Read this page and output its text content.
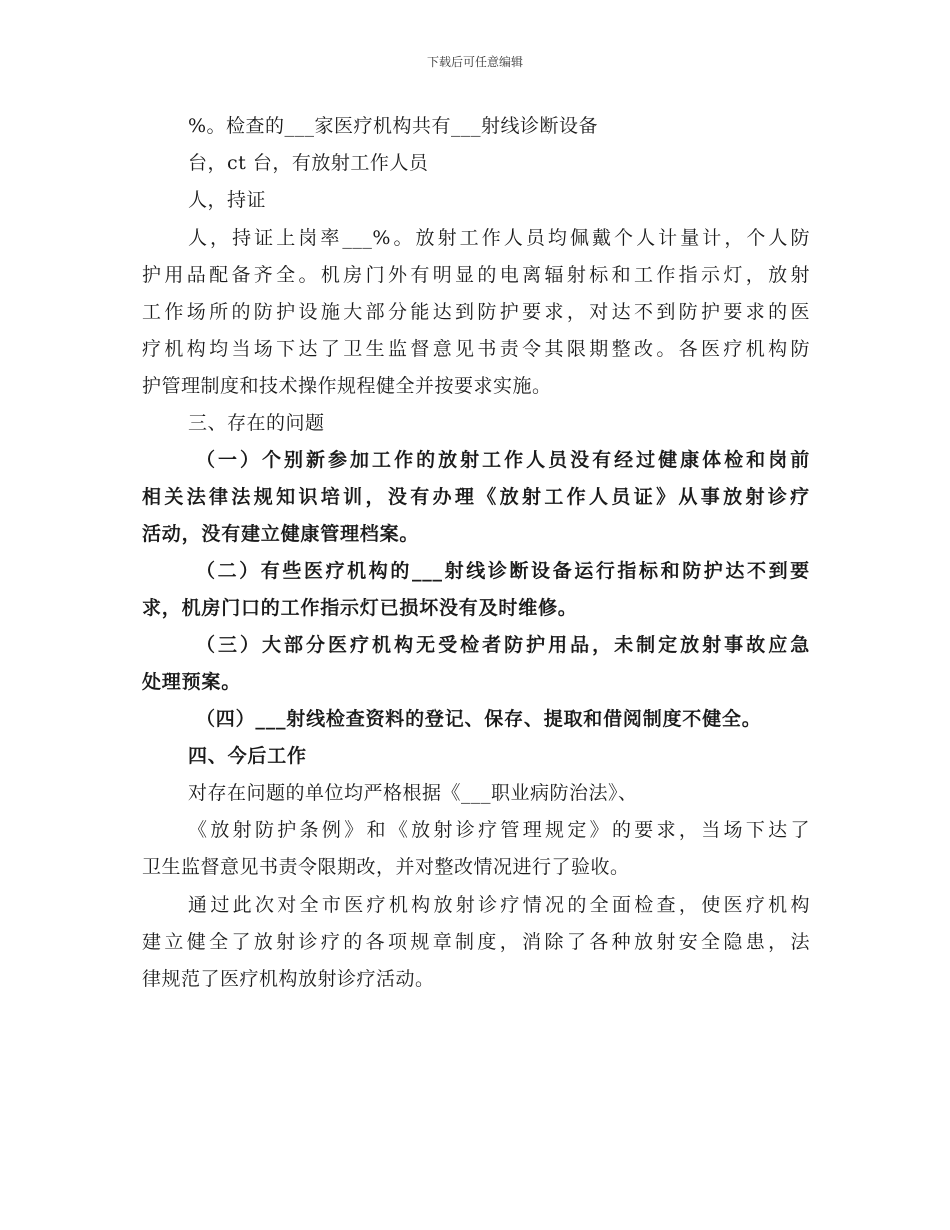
下载后可任意编辑
%。检查的___家医疗机构共有___射线诊断设备
台，ct 台，有放射工作人员
人，持证
人，持证上岗率___%。放射工作人员均佩戴个人计量计，个人防
护用品配备齐全。机房门外有明显的电离辐射标和工作指示灯，放射
工作场所的防护设施大部分能达到防护要求，对达不到防护要求的医
疗机构均当场下达了卫生监督意见书责令其限期整改。各医疗机构防
护管理制度和技术操作规程健全并按要求实施。
三、存在的问题
（一）个别新参加工作的放射工作人员没有经过健康体检和岗前
相关法律法规知识培训，没有办理《放射工作人员证》从事放射诊疗
活动，没有建立健康管理档案。
（二）有些医疗机构的___射线诊断设备运行指标和防护达不到要
求，机房门口的工作指示灯已损坏没有及时维修。
（三）大部分医疗机构无受检者防护用品，未制定放射事故应急
处理预案。
（四）___射线检查资料的登记、保存、提取和借阅制度不健全。
四、今后工作
对存在问题的单位均严格根据《___职业病防治法》、
《放射防护条例》和《放射诊疗管理规定》的要求，当场下达了
卫生监督意见书责令限期改，并对整改情况进行了验收。
通过此次对全市医疗机构放射诊疗情况的全面检查，使医疗机构
建立健全了放射诊疗的各项规章制度，消除了各种放射安全隐患，法
律规范了医疗机构放射诊疗活动。
